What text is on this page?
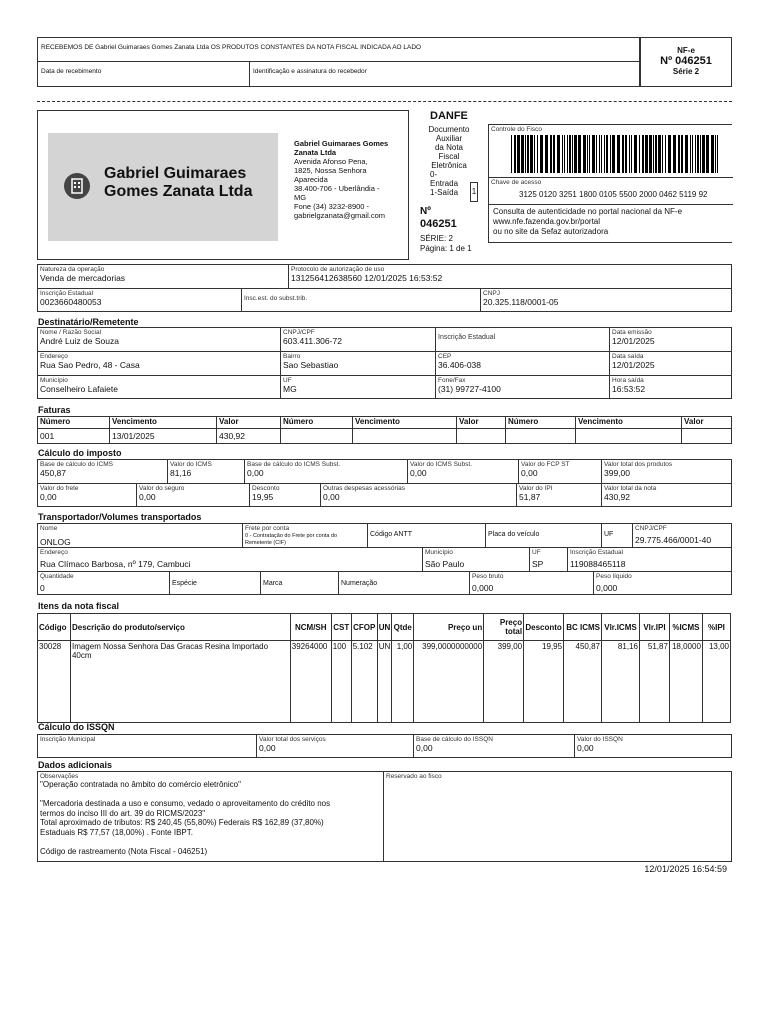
RECEBEMOS DE Gabriel Guimaraes Gomes Zanata Ltda OS PRODUTOS CONSTANTES DA NOTA FISCAL INDICADA AO LADO
Data de recebimento	Identificação e assinatura do recebedor
NF-e
Nº 046251
Série 2
Gabriel Guimaraes Gomes Zanata Ltda
Gabriel Guimaraes Gomes Zanata Ltda
Avenida Afonso Pena,
1825, Nossa Senhora
Aparecida
38.400-706 - Uberlândia -
MG
Fone (34) 3232-8900 -
gabrielgzanata@gmail.com
DANFE
Documento
Auxiliar
da Nota
Fiscal
Eletrônica
0-
Entrada
1-Saída	1
Nº
046251
SÉRIE: 2
Página: 1 de 1
Controle do Fisco
Chave de acesso
3125 0120 3251 1800 0105 5500 2000 0462 5119 92
Consulta de autenticidade no portal nacional da NF-e
www.nfe.fazenda.gov.br/portal
ou no site da Sefaz autorizadora
Natureza da operação
Venda de mercadorias
Protocolo de autorização de uso
131256412638560 12/01/2025 16:53:52
Inscrição Estadual
0023660480053	Insc.est. do subst.trib.
CNPJ
20.325.118/0001-05
Destinatário/Remetente
Nome / Razão Social
André Luiz de Souza
CNPJ/CPF
603.411.306-72	Inscrição Estadual
Data emissão
12/01/2025
Endereço
Rua Sao Pedro, 48 - Casa
Bairro
Sao Sebastiao
CEP
36.406-038
Data saída
12/01/2025
Município
Conselheiro Lafaiete
UF
MG
Fone/Fax
(31) 99727-4100
Hora saída
16:53:52
Faturas
Número	Vencimento	Valor	Número	Vencimento	Valor	Número	Vencimento	Valor
001	13/01/2025	430,92
Cálculo do imposto
Base de cálculo do ICMS
450,87
Valor do ICMS
81,16
Base de cálculo do ICMS Subst.
0,00
Valor do ICMS Subst.
0,00
Valor do FCP ST
0,00
Valor total dos produtos
399,00
Valor do frete
0,00
Valor do seguro
0,00
Desconto
19,95
Outras despesas acessórias
0,00
Valor do IPI
51,87
Valor total da nota
430,92
Transportador/Volumes transportados
Nome
ONLOG
Frete por conta
0 - Contratação do Frete por conta do Remetente (CIF)
Código ANTT	Placa do veículo	UF
CNPJ/CPF
29.775.466/0001-40
Endereço
Rua Clímaco Barbosa, nº 179, Cambuci
Município
São Paulo
UF
SP
Inscrição Estadual
119088465118
Quantidade
0	Espécie	Marca	Numeração
Peso bruto
0,000
Peso líquido
0,000
Itens da nota fiscal
Código	Descrição do produto/serviço	NCM/SH	CST	CFOP	UN	Qtde	Preço un	Preço total	Desconto	BC ICMS	Vlr.ICMS	Vlr.IPI	%ICMS	%IPI
30028	Imagem Nossa Senhora Das Gracas Resina Importado 40cm	39264000	100	5.102	UN	1,00	399,0000000000	399,00	19,95	450,87	81,16	51,87	18,0000	13,00
Cálculo do ISSQN
Inscrição Municipal	Valor total dos serviços
0,00
Base de cálculo do ISSQN
0,00
Valor do ISSQN
0,00
Dados adicionais
Observações
"Operação contratada no âmbito do comércio eletrônico"
"Mercadoria destinada a uso e consumo, vedado o aproveitamento do crédito nos
termos do inciso III do art. 39 do RICMS/2023"
Total aproximado de tributos: R$ 240,45 (55,80%) Federais R$ 162,89 (37,80%)
Estaduais R$ 77,57 (18,00%) . Fonte IBPT.
Código de rastreamento (Nota Fiscal - 046251)
Reservado ao fisco
12/01/2025 16:54:59
